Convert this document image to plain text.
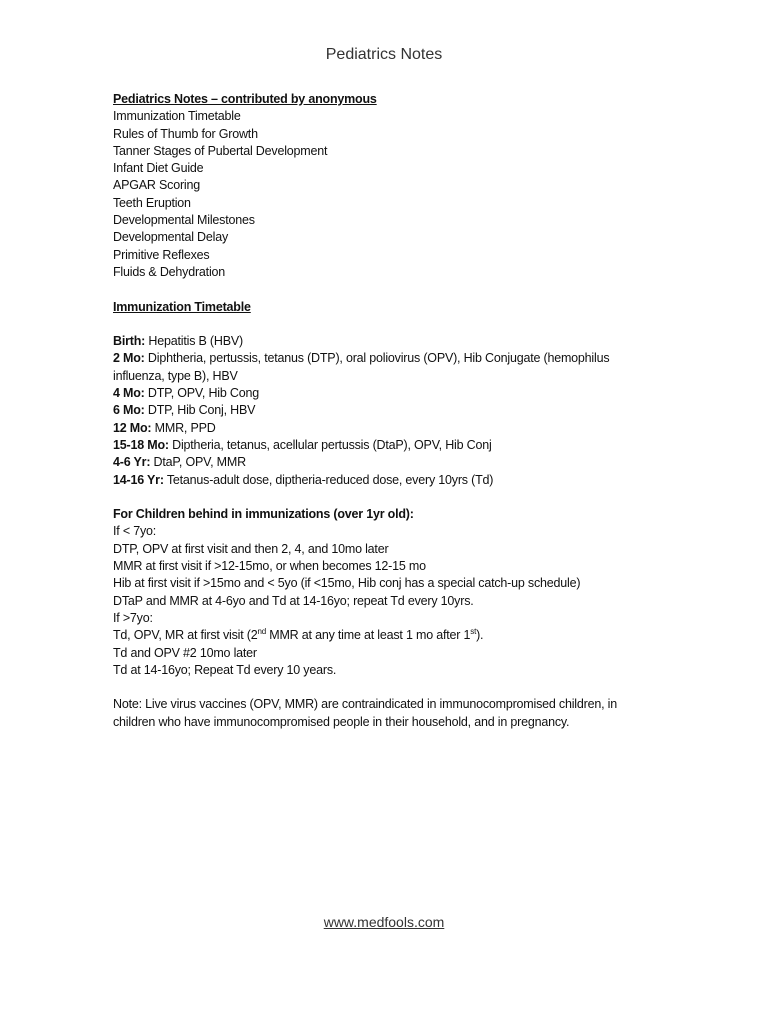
Pediatrics Notes
Pediatrics Notes – contributed by anonymous
Immunization Timetable
Rules of Thumb for Growth
Tanner Stages of Pubertal Development
Infant Diet Guide
APGAR Scoring
Teeth Eruption
Developmental Milestones
Developmental Delay
Primitive Reflexes
Fluids & Dehydration
Immunization Timetable
Birth: Hepatitis B (HBV)
2 Mo: Diphtheria, pertussis, tetanus (DTP), oral poliovirus (OPV), Hib Conjugate (hemophilus influenza, type B), HBV
4 Mo: DTP, OPV, Hib Cong
6 Mo: DTP, Hib Conj, HBV
12 Mo: MMR, PPD
15-18 Mo: Diptheria, tetanus, acellular pertussis (DtaP), OPV, Hib Conj
4-6 Yr: DtaP, OPV, MMR
14-16 Yr: Tetanus-adult dose, diptheria-reduced dose, every 10yrs (Td)
For Children behind in immunizations (over 1yr old):
If < 7yo:
DTP, OPV at first visit and then 2, 4, and 10mo later
MMR at first visit if >12-15mo, or when becomes 12-15 mo
Hib at first visit if >15mo and < 5yo (if <15mo, Hib conj has a special catch-up schedule)
DTaP and MMR at 4-6yo and Td at 14-16yo; repeat Td every 10yrs.
If >7yo:
Td, OPV, MR at first visit (2nd MMR at any time at least 1 mo after 1st).
Td and OPV #2 10mo later
Td at 14-16yo; Repeat Td every 10 years.
Note: Live virus vaccines (OPV, MMR) are contraindicated in immunocompromised children, in children who have immunocompromised people in their household, and in pregnancy.
www.medfools.com
